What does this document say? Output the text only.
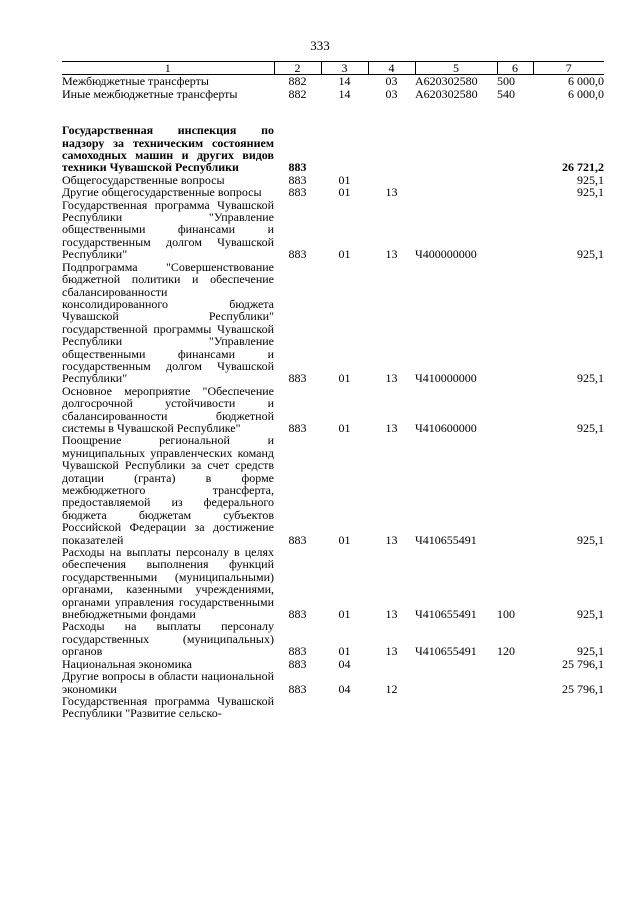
333
1	2	3	4	5	6	7
Межбюджетные трансферты	882	14	03	А620302580	500	6 000,0
Иные межбюджетные трансферты	882	14	03	А620302580	540	6 000,0

Государственная инспекция по надзору за техническим состоянием самоходных машин и других видов техники Чувашской Республики	883					26 721,2
Общегосударственные вопросы	883	01				925,1
Другие общегосударственные вопросы	883	01	13			925,1
Государственная программа Чувашской Республики "Управление общественными финансами и государственным долгом Чувашской Республики"	883	01	13	Ч400000000		925,1
Подпрограмма "Совершенствование бюджетной политики и обеспечение сбалансированности консолидированного бюджета Чувашской Республики" государственной программы Чувашской Республики "Управление общественными финансами и государственным долгом Чувашской Республики"	883	01	13	Ч410000000		925,1
Основное мероприятие "Обеспечение долгосрочной устойчивости и сбалансированности бюджетной системы в Чувашской Республике"	883	01	13	Ч410600000		925,1
Поощрение региональной и муниципальных управленческих команд Чувашской Республики за счет средств дотации (гранта) в форме межбюджетного трансферта, предоставляемой из федерального бюджета бюджетам субъектов Российской Федерации за достижение показателей	883	01	13	Ч410655491		925,1
Расходы на выплаты персоналу в целях обеспечения выполнения функций государственными (муниципальными) органами, казенными учреждениями, органами управления государственными внебюджетными фондами	883	01	13	Ч410655491	100	925,1
Расходы на выплаты персоналу государственных (муниципальных) органов	883	01	13	Ч410655491	120	925,1
Национальная экономика	883	04				25 796,1
Другие вопросы в области национальной экономики	883	04	12			25 796,1
Государственная программа Чувашской Республики "Развитие сельско-						
